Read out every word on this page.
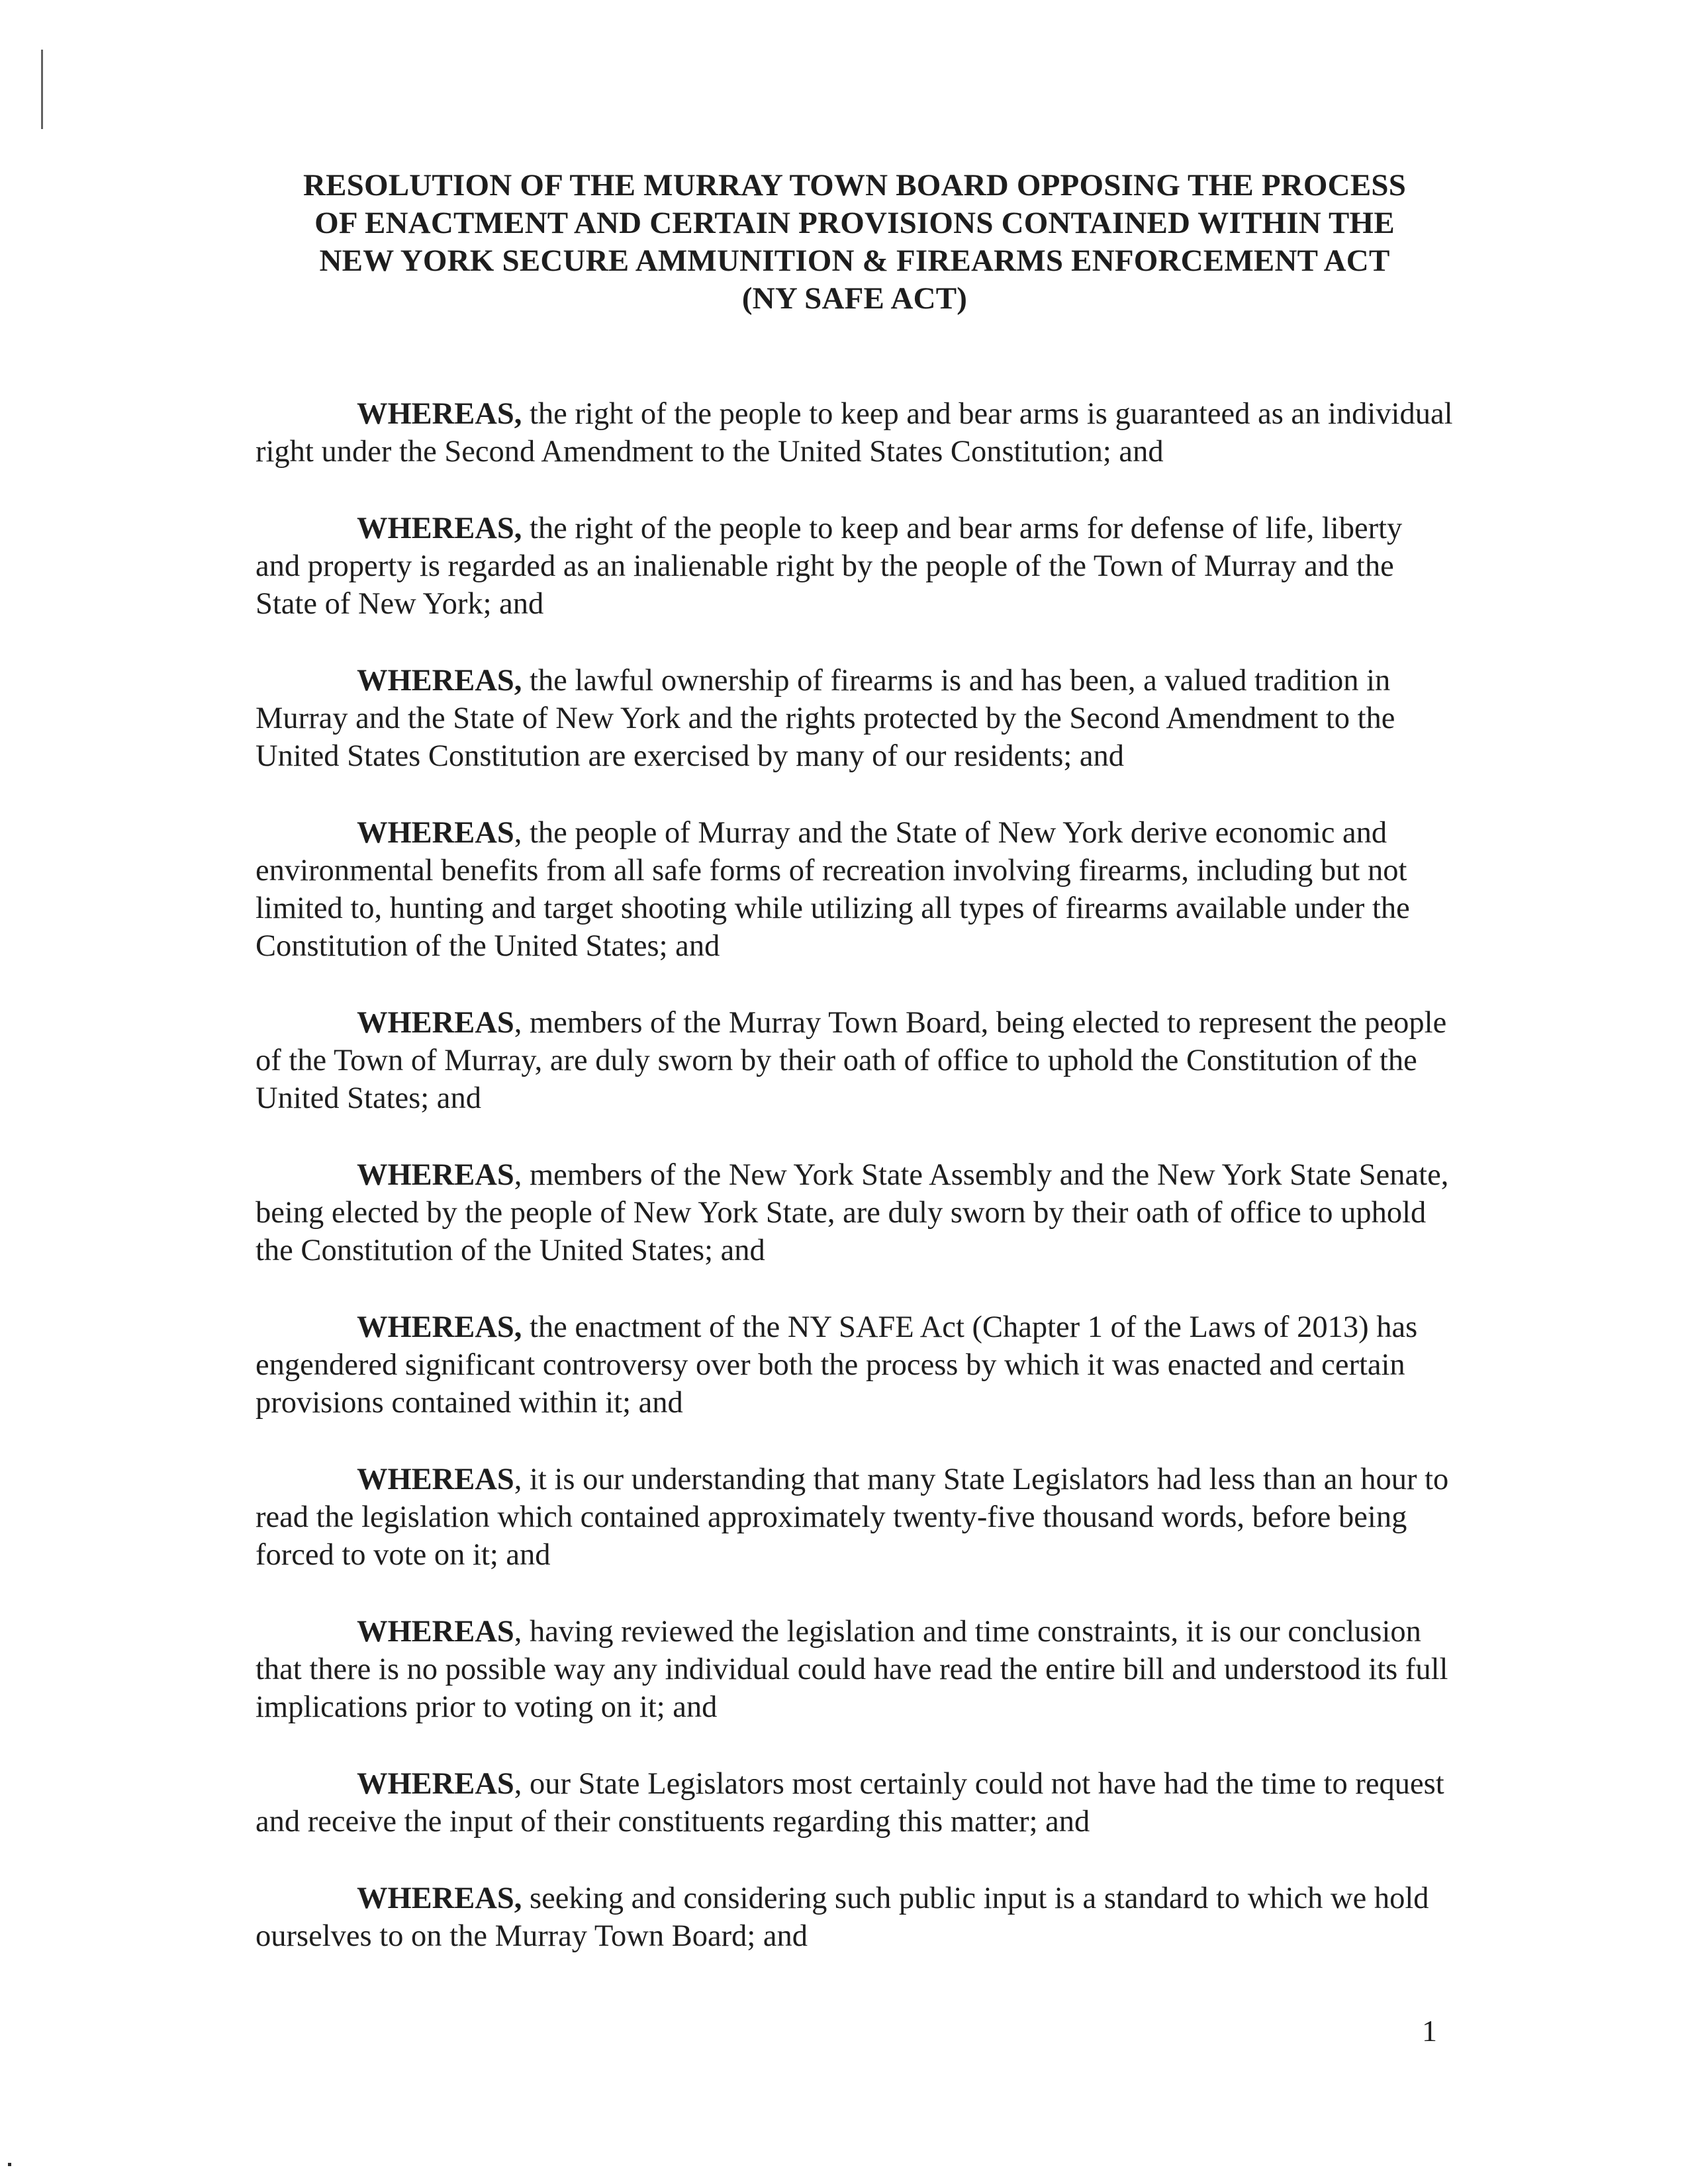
RESOLUTION OF THE MURRAY TOWN BOARD OPPOSING THE PROCESS
OF ENACTMENT AND CERTAIN PROVISIONS CONTAINED WITHIN THE
NEW YORK SECURE AMMUNITION & FIREARMS ENFORCEMENT ACT
(NY SAFE ACT)

WHEREAS, the right of the people to keep and bear arms is guaranteed as an individual right under the Second Amendment to the United States Constitution; and

WHEREAS, the right of the people to keep and bear arms for defense of life, liberty and property is regarded as an inalienable right by the people of the Town of Murray and the State of New York; and

WHEREAS, the lawful ownership of firearms is and has been, a valued tradition in Murray and the State of New York and the rights protected by the Second Amendment to the United States Constitution are exercised by many of our residents; and

WHEREAS, the people of Murray and the State of New York derive economic and environmental benefits from all safe forms of recreation involving firearms, including but not limited to, hunting and target shooting while utilizing all types of firearms available under the Constitution of the United States; and

WHEREAS, members of the Murray Town Board, being elected to represent the people of the Town of Murray, are duly sworn by their oath of office to uphold the Constitution of the United States; and

WHEREAS, members of the New York State Assembly and the New York State Senate, being elected by the people of New York State, are duly sworn by their oath of office to uphold the Constitution of the United States; and

WHEREAS, the enactment of the NY SAFE Act (Chapter 1 of the Laws of 2013) has engendered significant controversy over both the process by which it was enacted and certain provisions contained within it; and

WHEREAS, it is our understanding that many State Legislators had less than an hour to read the legislation which contained approximately twenty-five thousand words, before being forced to vote on it; and

WHEREAS, having reviewed the legislation and time constraints, it is our conclusion that there is no possible way any individual could have read the entire bill and understood its full implications prior to voting on it; and

WHEREAS, our State Legislators most certainly could not have had the time to request and receive the input of their constituents regarding this matter; and

WHEREAS, seeking and considering such public input is a standard to which we hold ourselves to on the Murray Town Board; and

1
